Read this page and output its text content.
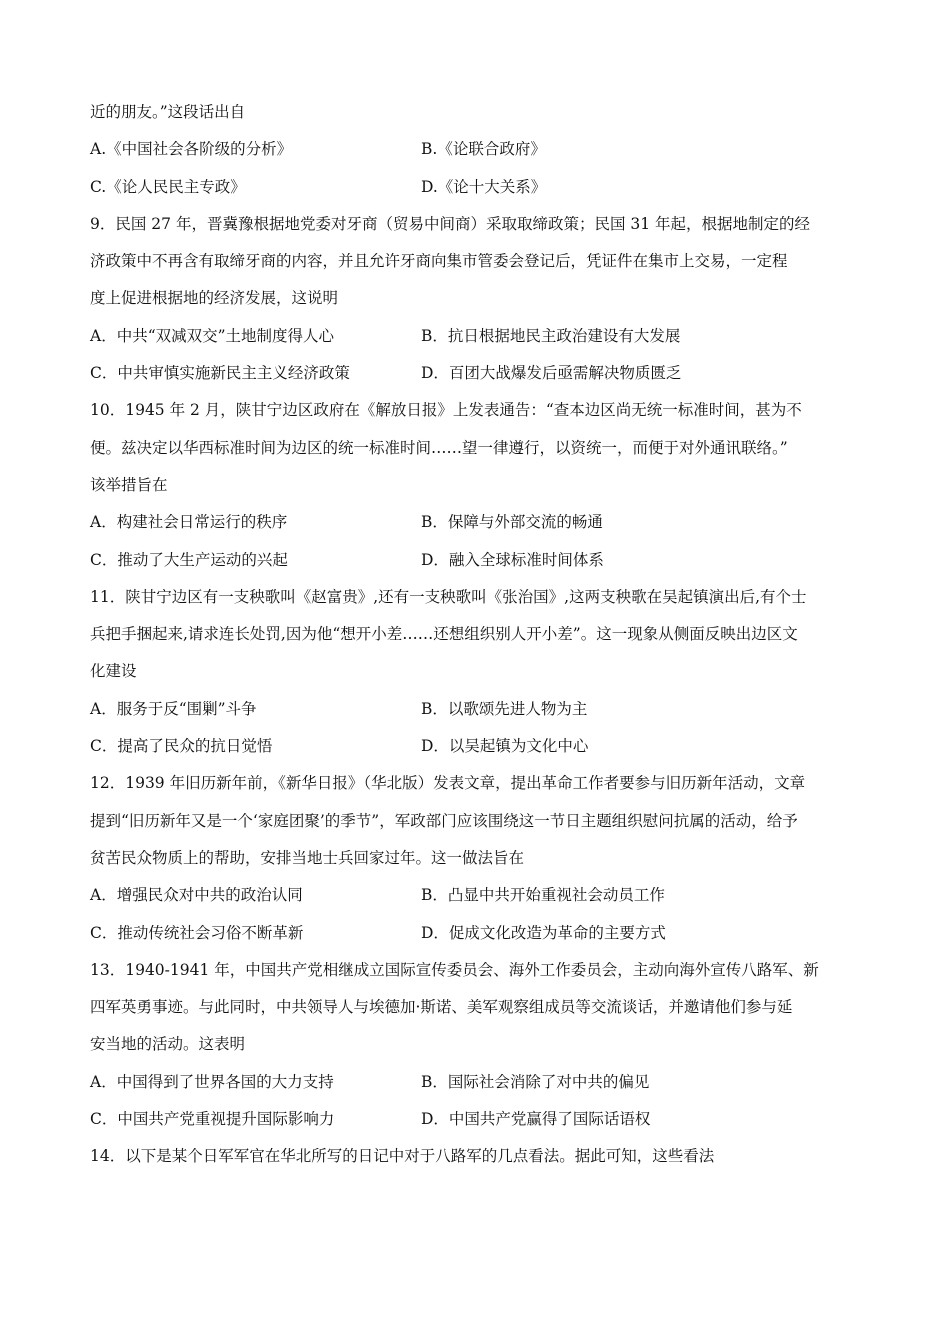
近的朋友。”这段话出自
A.《中国社会各阶级的分析》	B.《论联合政府》
C.《论人民民主专政》	D.《论十大关系》
9．民国 27 年，晋冀豫根据地党委对牙商（贸易中间商）采取取缔政策；民国 31 年起，根据地制定的经
济政策中不再含有取缔牙商的内容，并且允许牙商向集市管委会登记后，凭证件在集市上交易，一定程
度上促进根据地的经济发展，这说明
A．中共“双减双交”土地制度得人心	B．抗日根据地民主政治建设有大发展
C．中共审慎实施新民主主义经济政策	D．百团大战爆发后亟需解决物质匮乏
10．1945 年 2 月，陕甘宁边区政府在《解放日报》上发表通告：“查本边区尚无统一标准时间，甚为不
便。兹决定以华西标准时间为边区的统一标准时间……望一律遵行，以资统一，而便于对外通讯联络。”
该举措旨在
A．构建社会日常运行的秩序	B．保障与外部交流的畅通
C．推动了大生产运动的兴起	D．融入全球标准时间体系
11．陕甘宁边区有一支秧歌叫《赵富贵》,还有一支秧歌叫《张治国》,这两支秧歌在吴起镇演出后,有个士
兵把手捆起来,请求连长处罚,因为他“想开小差……还想组织别人开小差”。这一现象从侧面反映出边区文
化建设
A．服务于反“围剿”斗争	B．以歌颂先进人物为主
C．提高了民众的抗日觉悟	D．以吴起镇为文化中心
12．1939 年旧历新年前，《新华日报》（华北版）发表文章，提出革命工作者要参与旧历新年活动，文章
提到“旧历新年又是一个‘家庭团聚’的季节”，军政部门应该围绕这一节日主题组织慰问抗属的活动，给予
贫苦民众物质上的帮助，安排当地士兵回家过年。这一做法旨在
A．增强民众对中共的政治认同	B．凸显中共开始重视社会动员工作
C．推动传统社会习俗不断革新	D．促成文化改造为革命的主要方式
13．1940-1941 年，中国共产党相继成立国际宣传委员会、海外工作委员会，主动向海外宣传八路军、新
四军英勇事迹。与此同时，中共领导人与埃德加·斯诺、美军观察组成员等交流谈话，并邀请他们参与延
安当地的活动。这表明
A．中国得到了世界各国的大力支持	B．国际社会消除了对中共的偏见
C．中国共产党重视提升国际影响力	D．中国共产党赢得了国际话语权
14．以下是某个日军军官在华北所写的日记中对于八路军的几点看法。据此可知，这些看法
